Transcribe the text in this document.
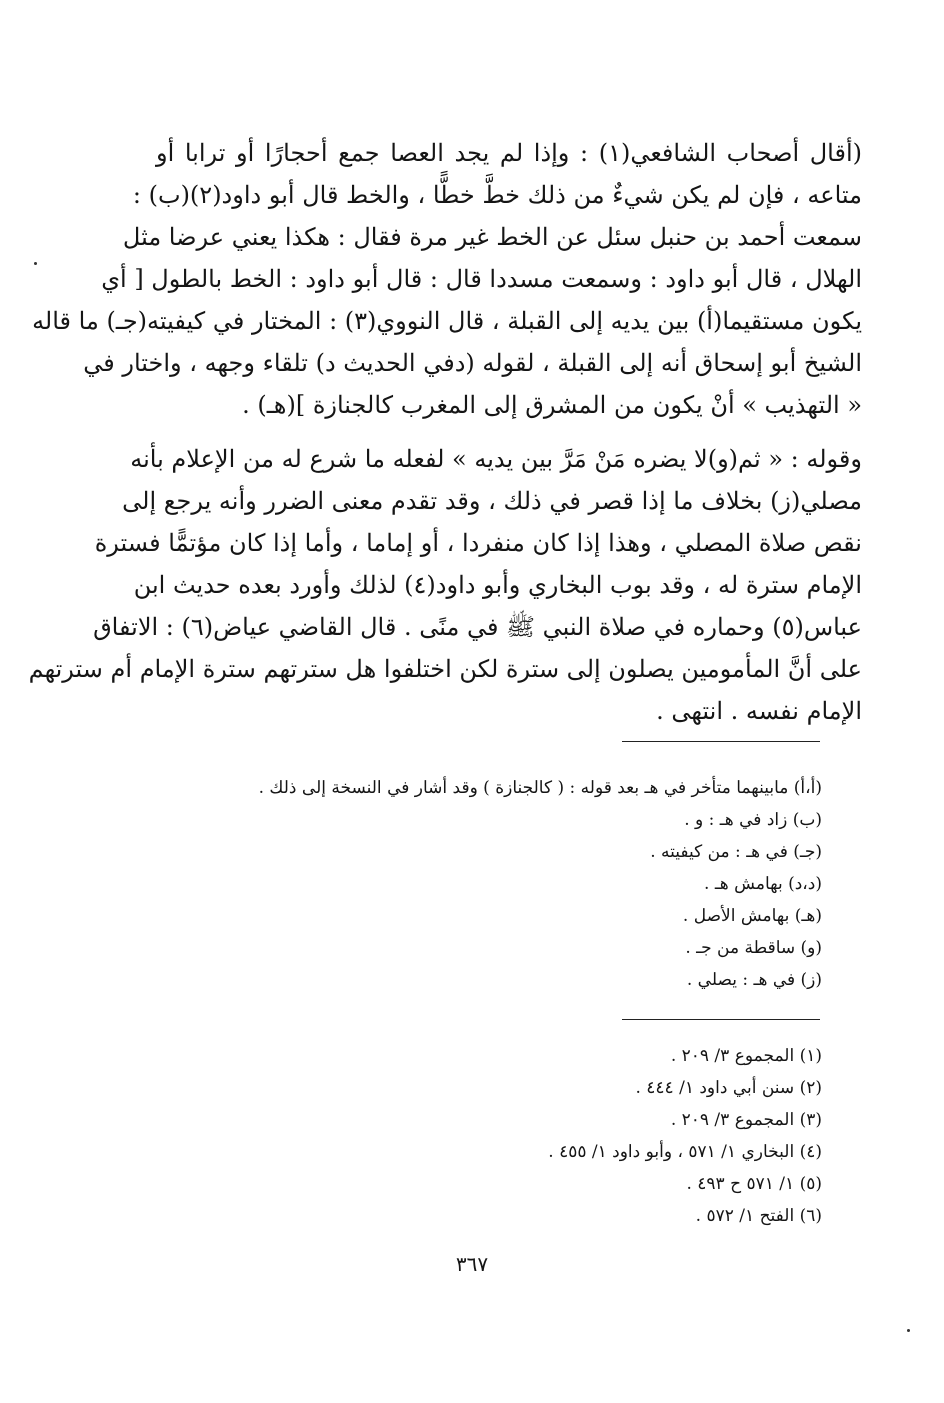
(أقال أصحاب الشافعي(١) : وإذا لم يجد العصا جمع أحجارًا أو ترابا أو
متاعه ، فإن لم يكن شيءٌ من ذلك خطَّ خطًّا ، والخط قال أبو داود(٢)(ب) :
سمعت أحمد بن حنبل سئل عن الخط غير مرة فقال : هكذا يعني عرضا مثل
الهلال ، قال أبو داود : وسمعت مسددا قال : قال أبو داود : الخط بالطول [ أي
يكون مستقيما(أ) بين يديه إلى القبلة ، قال النووي(٣) : المختار في كيفيته(جـ) ما قاله
الشيخ أبو إسحاق أنه إلى القبلة ، لقوله (دفي الحديث د) تلقاء وجهه ، واختار في
« التهذيب » أنْ يكون من المشرق إلى المغرب كالجنازة ](هـ) .
وقوله : « ثم(و)لا يضره مَنْ مَرَّ بين يديه » لفعله ما شرع له من الإعلام بأنه
مصلي(ز) بخلاف ما إذا قصر في ذلك ، وقد تقدم معنى الضرر وأنه يرجع إلى
نقص صلاة المصلي ، وهذا إذا كان منفردا ، أو إماما ، وأما إذا كان مؤتمًّا فسترة
الإمام سترة له ، وقد بوب البخاري وأبو داود(٤) لذلك وأورد بعده حديث ابن
عباس(٥) وحماره في صلاة النبي ﷺ في منًى . قال القاضي عياض(٦) : الاتفاق
على أنَّ المأمومين يصلون إلى سترة لكن اختلفوا هل سترتهم سترة الإمام أم سترتهم
الإمام نفسه . انتهى .
(أ،أ) مابينهما متأخر في هـ بعد قوله : ( كالجنازة ) وقد أشار في النسخة إلى ذلك .
(ب) زاد في هـ : و .
(جـ) في هـ : من كيفيته .
(د،د) بهامش هـ .
(هـ) بهامش الأصل .
(و) ساقطة من جـ .
(ز) في هـ : يصلي .
(١) المجموع ٣/ ٢٠٩ .
(٢) سنن أبي داود ١/ ٤٤٤ .
(٣) المجموع ٣/ ٢٠٩ .
(٤) البخاري ١/ ٥٧١ ، وأبو داود ١/ ٤٥٥ .
(٥) ١/ ٥٧١ ح ٤٩٣ .
(٦) الفتح ١/ ٥٧٢ .
٣٦٧
